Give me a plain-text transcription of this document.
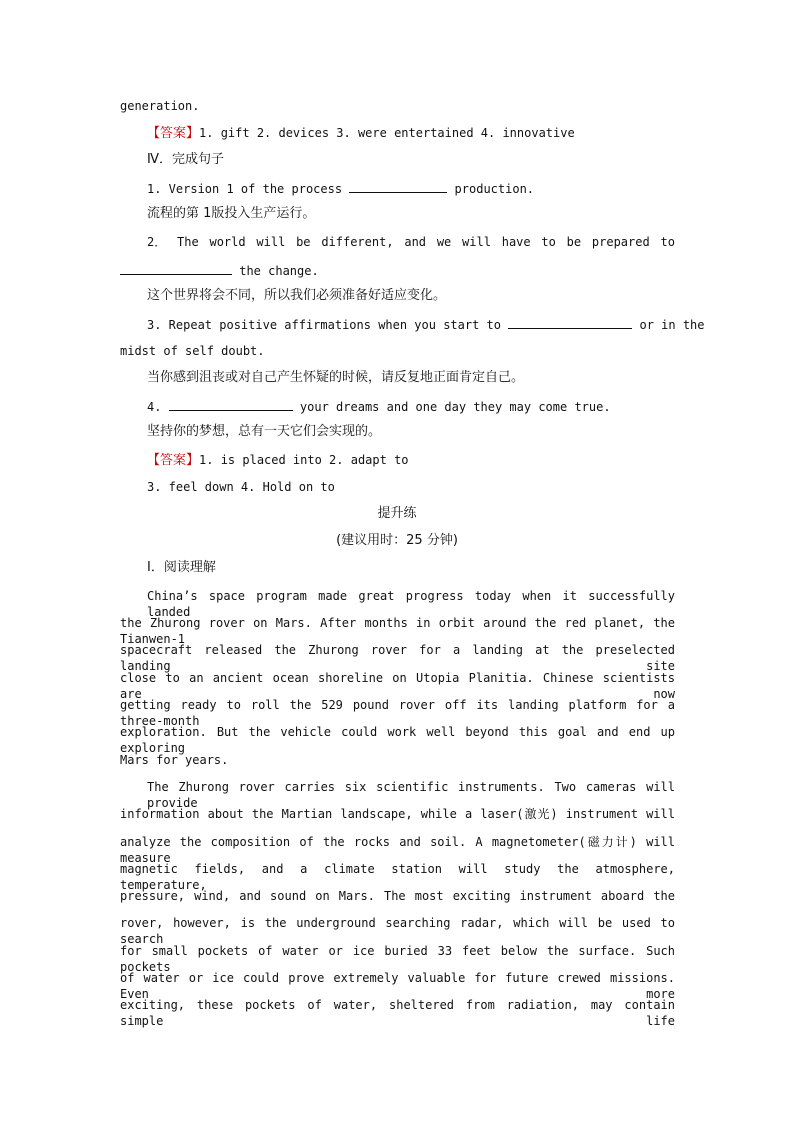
generation.
【答案】1. gift 2. devices 3. were entertained 4. innovative
Ⅳ．完成句子
1. Version 1 of the process	production.
流程的第 1版投入生产运行。
2． The world will be different, and we will have to be prepared to
the change.
这个世界将会不同，所以我们必须准备好适应变化。
3. Repeat positive affirmations when you start to	or in the
midst of self doubt.
当你感到沮丧或对自己产生怀疑的时候，请反复地正面肯定自己。
4.	your dreams and one day they may come true.
坚持你的梦想，总有一天它们会实现的。
【答案】1. is placed into 2. adapt to
3. feel down 4. Hold on to
提升练
(建议用时：25 分钟)
Ⅰ．阅读理解
China’s space program made great progress today when it successfully landed
the Zhurong rover on Mars. After months in orbit around the red planet, the Tianwen-1
spacecraft released the Zhurong rover for a landing at the preselected landing site
close to an ancient ocean shoreline on Utopia Planitia. Chinese scientists are now
getting ready to roll the 529 pound rover off its landing platform for a three-month
exploration. But the vehicle could work well beyond this goal and end up exploring
Mars for years.
The Zhurong rover carries six scientific instruments. Two cameras will provide
information about the Martian landscape, while a laser(激光) instrument will
analyze the composition of the rocks and soil. A magnetometer(磁力计) will measure
magnetic fields, and a climate station will study the atmosphere, temperature,
pressure, wind, and sound on Mars. The most exciting instrument aboard the
rover, however, is the underground searching radar, which will be used to search
for small pockets of water or ice buried 33 feet below the surface. Such pockets
of water or ice could prove extremely valuable for future crewed missions. Even more
exciting, these pockets of water, sheltered from radiation, may contain simple life
